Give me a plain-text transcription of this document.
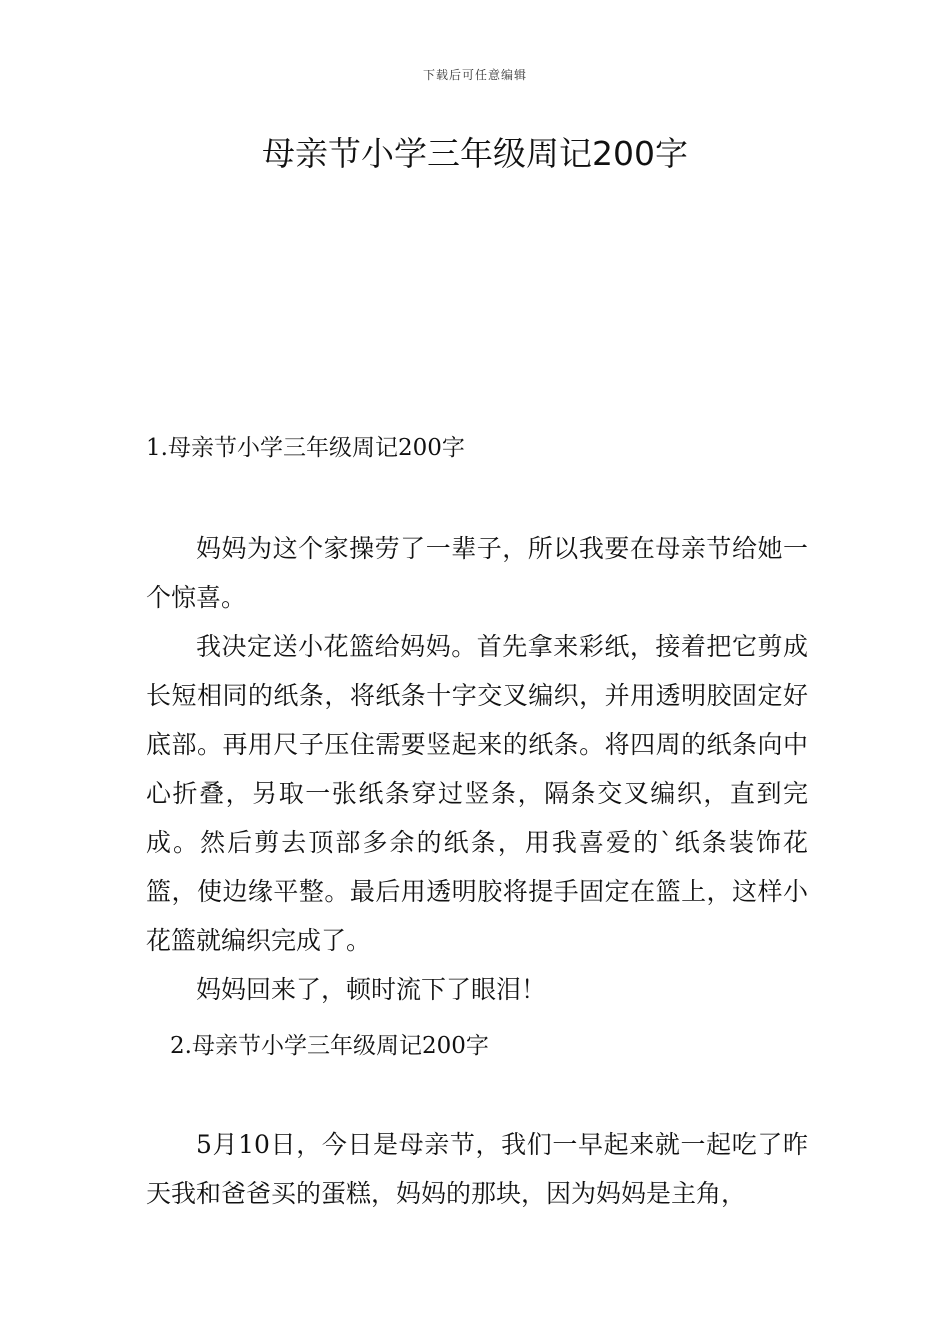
下载后可任意编辑
母亲节小学三年级周记200字
1.母亲节小学三年级周记200字

妈妈为这个家操劳了一辈子，所以我要在母亲节给她一个惊喜。

我决定送小花篮给妈妈。首先拿来彩纸，接着把它剪成长短相同的纸条，将纸条十字交叉编织，并用透明胶固定好底部。再用尺子压住需要竖起来的纸条。将四周的纸条向中心折叠，另取一张纸条穿过竖条，隔条交叉编织，直到完成。然后剪去顶部多余的纸条，用我喜爱的`纸条装饰花篮，使边缘平整。最后用透明胶将提手固定在篮上，这样小花篮就编织完成了。

妈妈回来了，顿时流下了眼泪！

2.母亲节小学三年级周记200字

5月10日，今日是母亲节，我们一早起来就一起吃了昨天我和爸爸买的蛋糕，妈妈的那块，因为妈妈是主角，
